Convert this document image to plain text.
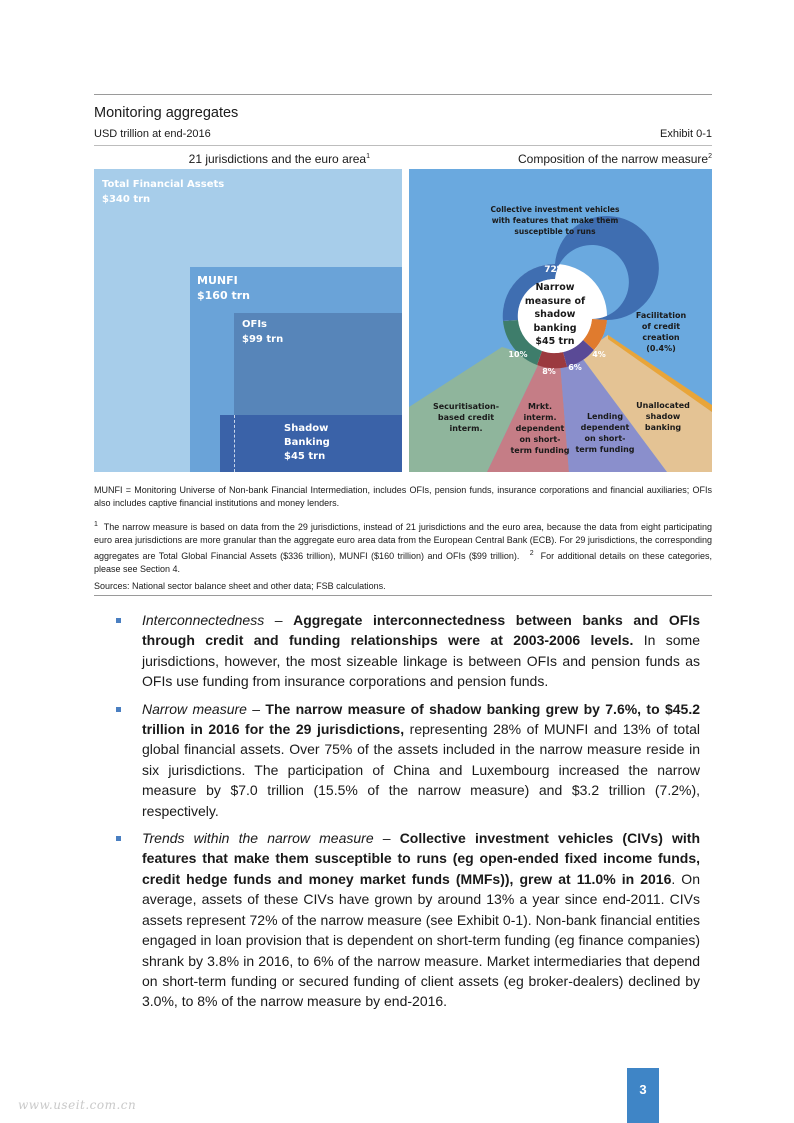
Monitoring aggregates
USD trillion at end-2016	Exhibit 0-1
21 jurisdictions and the euro area$^1$	Composition of the narrow measure$^2$
Total Financial Assets
$340 trn
MUNFI
$160 trn
OFIs
$99 trn
Shadow
Banking
$45 trn
Collective investment vehicles
with features that make them
susceptible to runs
72%
Narrow
measure of
shadow
banking
$45 trn
10%
8%	6%
4%
Facilitation
of credit
creation
(0.4%)
Securitisation-
based credit
interm.
Mrkt.
interm.
dependent
on short-
term funding
Lending
dependent
on short-
term funding
Unallocated
shadow
banking
MUNFI = Monitoring Universe of Non-bank Financial Intermediation, includes OFIs, pension funds, insurance corporations and financial auxiliaries; OFIs also includes captive financial institutions and money lenders.
$^1$ The narrow measure is based on data from the 29 jurisdictions, instead of 21 jurisdictions and the euro area, because the data from eight participating euro area jurisdictions are more granular than the aggregate euro area data from the European Central Bank (ECB). For 29 jurisdictions, the corresponding aggregates are Total Global Financial Assets ($336 trillion), MUNFI ($160 trillion) and OFIs ($99 trillion). $^2$ For additional details on these categories, please see Section 4.
Sources: National sector balance sheet and other data; FSB calculations.
Interconnectedness – Aggregate interconnectedness between banks and OFIs through credit and funding relationships were at 2003-2006 levels. In some jurisdictions, however, the most sizeable linkage is between OFIs and pension funds as OFIs use funding from insurance corporations and pension funds.
Narrow measure – The narrow measure of shadow banking grew by 7.6%, to $45.2 trillion in 2016 for the 29 jurisdictions, representing 28% of MUNFI and 13% of total global financial assets. Over 75% of the assets included in the narrow measure reside in six jurisdictions. The participation of China and Luxembourg increased the narrow measure by $7.0 trillion (15.5% of the narrow measure) and $3.2 trillion (7.2%), respectively.
Trends within the narrow measure – Collective investment vehicles (CIVs) with features that make them susceptible to runs (eg open-ended fixed income funds, credit hedge funds and money market funds (MMFs)), grew at 11.0% in 2016. On average, assets of these CIVs have grown by around 13% a year since end-2011. CIVs assets represent 72% of the narrow measure (see Exhibit 0-1). Non-bank financial entities engaged in loan provision that is dependent on short-term funding (eg finance companies) shrank by 3.8% in 2016, to 6% of the narrow measure. Market intermediaries that depend on short-term funding or secured funding of client assets (eg broker-dealers) declined by 3.0%, to 8% of the narrow measure by end-2016.
3
www.useit.com.cn
